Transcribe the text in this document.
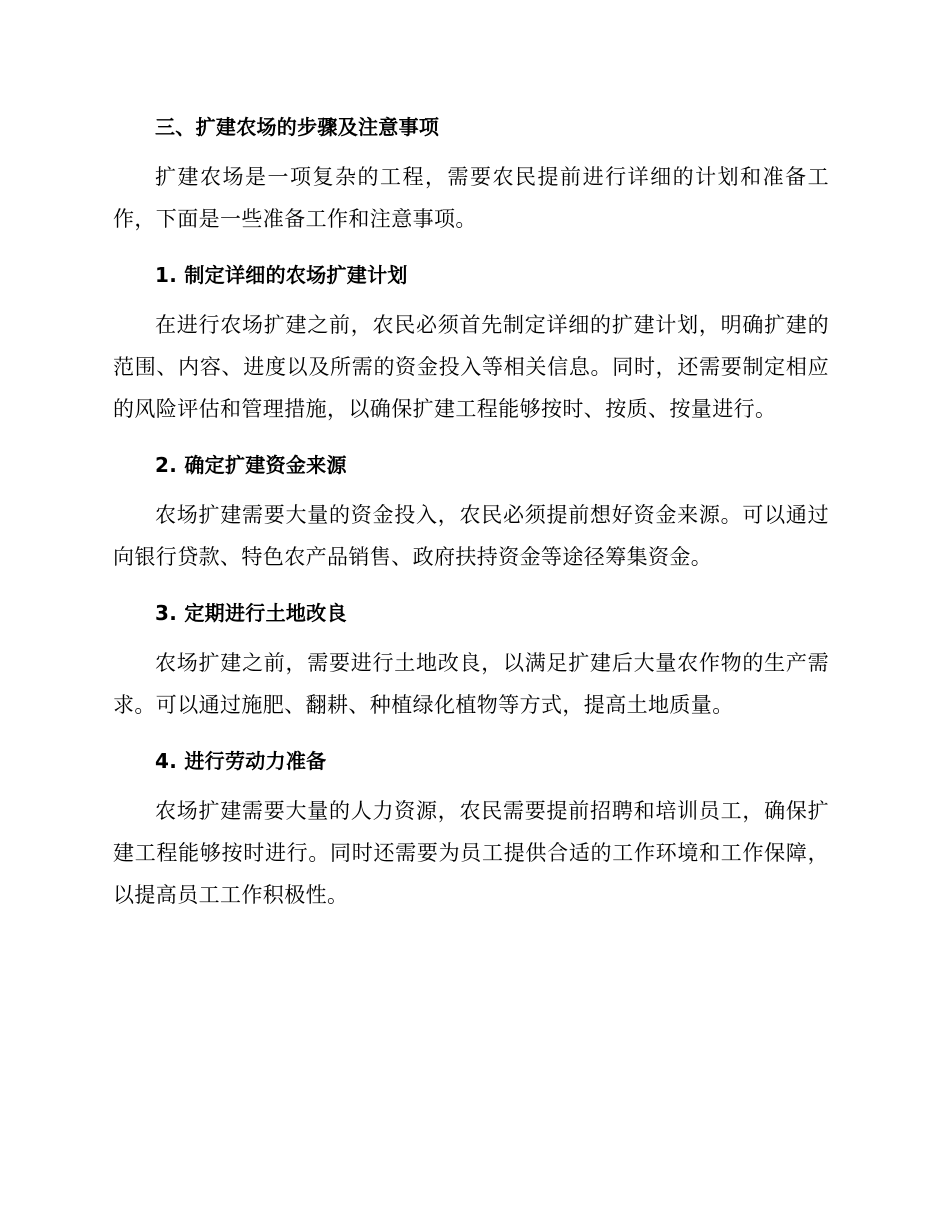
三、扩建农场的步骤及注意事项

扩建农场是一项复杂的工程，需要农民提前进行详细的计划和准备工作，下面是一些准备工作和注意事项。

1. 制定详细的农场扩建计划

在进行农场扩建之前，农民必须首先制定详细的扩建计划，明确扩建的范围、内容、进度以及所需的资金投入等相关信息。同时，还需要制定相应的风险评估和管理措施，以确保扩建工程能够按时、按质、按量进行。

2. 确定扩建资金来源

农场扩建需要大量的资金投入，农民必须提前想好资金来源。可以通过向银行贷款、特色农产品销售、政府扶持资金等途径筹集资金。

3. 定期进行土地改良

农场扩建之前，需要进行土地改良，以满足扩建后大量农作物的生产需求。可以通过施肥、翻耕、种植绿化植物等方式，提高土地质量。

4. 进行劳动力准备

农场扩建需要大量的人力资源，农民需要提前招聘和培训员工，确保扩建工程能够按时进行。同时还需要为员工提供合适的工作环境和工作保障，以提高员工工作积极性。
